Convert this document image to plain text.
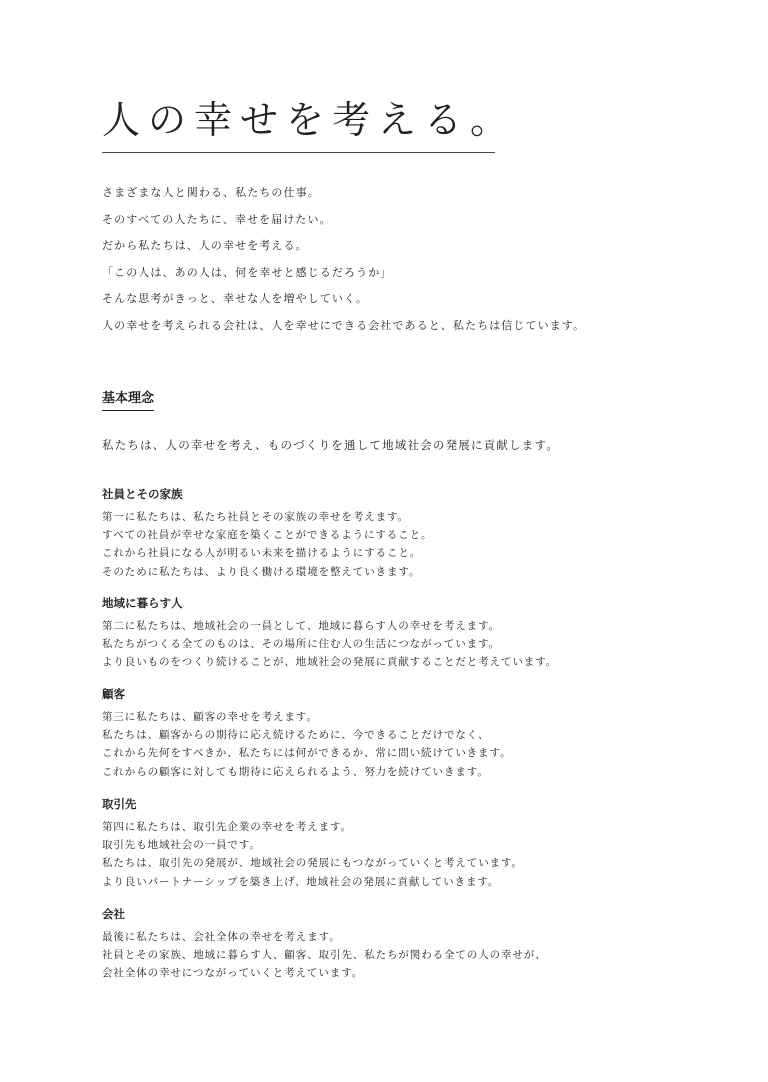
人の幸せを考える。
さまざまな人と関わる、私たちの仕事。
そのすべての人たちに、幸せを届けたい。
だから私たちは、人の幸せを考える。
「この人は、あの人は、何を幸せと感じるだろうか」
そんな思考がきっと、幸せな人を増やしていく。
人の幸せを考えられる会社は、人を幸せにできる会社であると、私たちは信じています。
基本理念
私たちは、人の幸せを考え、ものづくりを通して地域社会の発展に貢献します。
社員とその家族
第一に私たちは、私たち社員とその家族の幸せを考えます。
すべての社員が幸せな家庭を築くことができるようにすること。
これから社員になる人が明るい未来を描けるようにすること。
そのために私たちは、より良く働ける環境を整えていきます。
地域に暮らす人
第二に私たちは、地域社会の一員として、地域に暮らす人の幸せを考えます。
私たちがつくる全てのものは、その場所に住む人の生活につながっています。
より良いものをつくり続けることが、地域社会の発展に貢献することだと考えています。
顧客
第三に私たちは、顧客の幸せを考えます。
私たちは、顧客からの期待に応え続けるために、今できることだけでなく、
これから先何をすべきか、私たちには何ができるか、常に問い続けていきます。
これからの顧客に対しても期待に応えられるよう、努力を続けていきます。
取引先
第四に私たちは、取引先企業の幸せを考えます。
取引先も地域社会の一員です。
私たちは、取引先の発展が、地域社会の発展にもつながっていくと考えています。
より良いパートナーシップを築き上げ、地域社会の発展に貢献していきます。
会社
最後に私たちは、会社全体の幸せを考えます。
社員とその家族、地域に暮らす人、顧客、取引先、私たちが関わる全ての人の幸せが、
会社全体の幸せにつながっていくと考えています。
